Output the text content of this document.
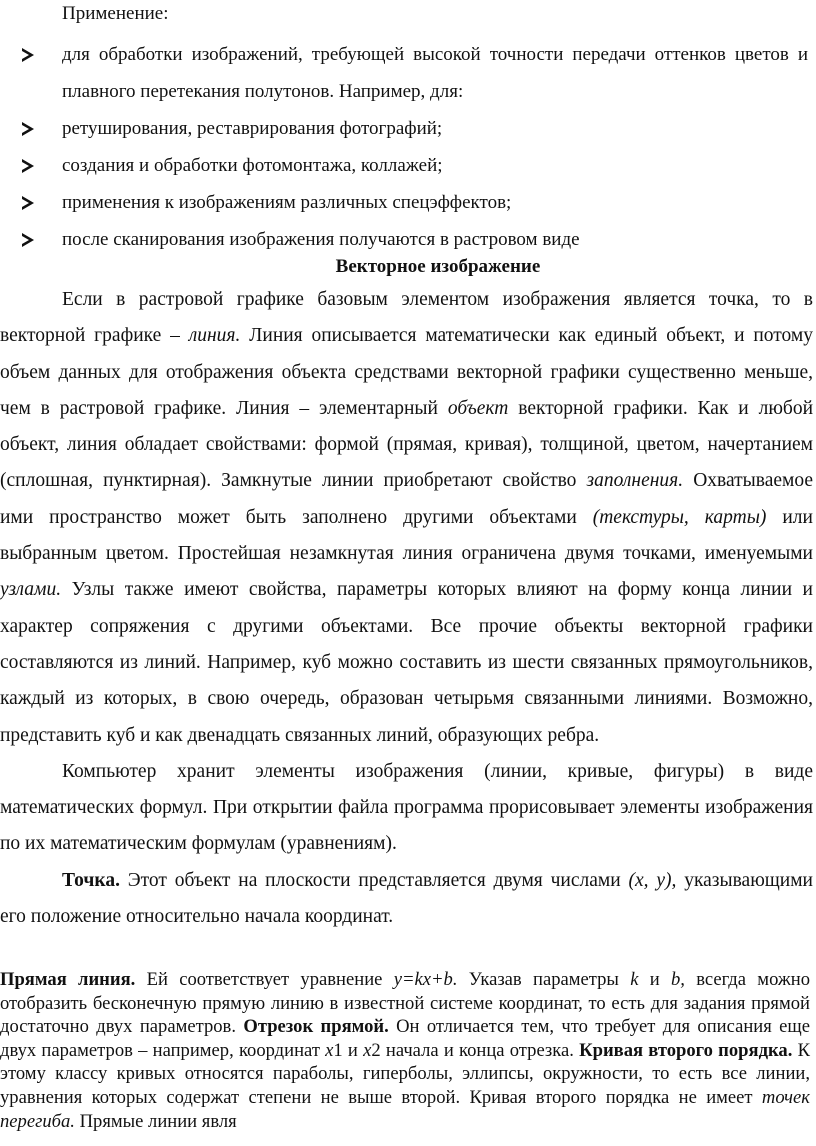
Применение:
для обработки изображений, требующей высокой точности передачи оттенков цветов и плавного перетекания полутонов. Например, для:
ретуширования, реставрирования фотографий;
создания и обработки фотомонтажа, коллажей;
применения к изображениям различных спецэффектов;
после сканирования изображения получаются в растровом виде
Векторное изображение

Если в растровой графике базовым элементом изображения является точка, то в векторной графике – линия. Линия описывается математически как единый объект, и потому объем данных для отображения объекта средствами векторной графики существенно меньше, чем в растровой графике. Линия – элементарный объект векторной графики. Как и любой объект, линия обладает свойствами: формой (прямая, кривая), толщиной, цветом, начертанием (сплошная, пунктирная). Замкнутые линии приобретают свойство заполнения. Охватываемое ими пространство может быть заполнено другими объектами (текстуры, карты) или выбранным цветом. Простейшая незамкнутая линия ограничена двумя точками, именуемыми узлами. Узлы также имеют свойства, параметры которых влияют на форму конца линии и характер сопряжения с другими объектами. Все прочие объекты векторной графики составляются из линий. Например, куб можно составить из шести связанных прямоугольников, каждый из которых, в свою очередь, образован четырьмя связанными линиями. Возможно, представить куб и как двенадцать связанных линий, образующих ребра.

Компьютер хранит элементы изображения (линии, кривые, фигуры) в виде математических формул. При открытии файла программа прорисовывает элементы изображения по их математическим формулам (уравнениям).

Точка. Этот объект на плоскости представляется двумя числами (x, y), указывающими его положение относительно начала координат.

Прямая линия. Ей соответствует уравнение y=kx+b. Указав параметры k и b, всегда можно отобразить бесконечную прямую линию в известной системе координат, то есть для задания прямой достаточно двух параметров. Отрезок прямой. Он отличается тем, что требует для описания еще двух параметров – например, координат x1 и x2 начала и конца отрезка. Кривая второго порядка. К этому классу кривых относятся параболы, гиперболы, эллипсы, окружности, то есть все линии, уравнения которых содержат степени не выше второй. Кривая второго порядка не имеет точек перегиба. Прямые линии явля
